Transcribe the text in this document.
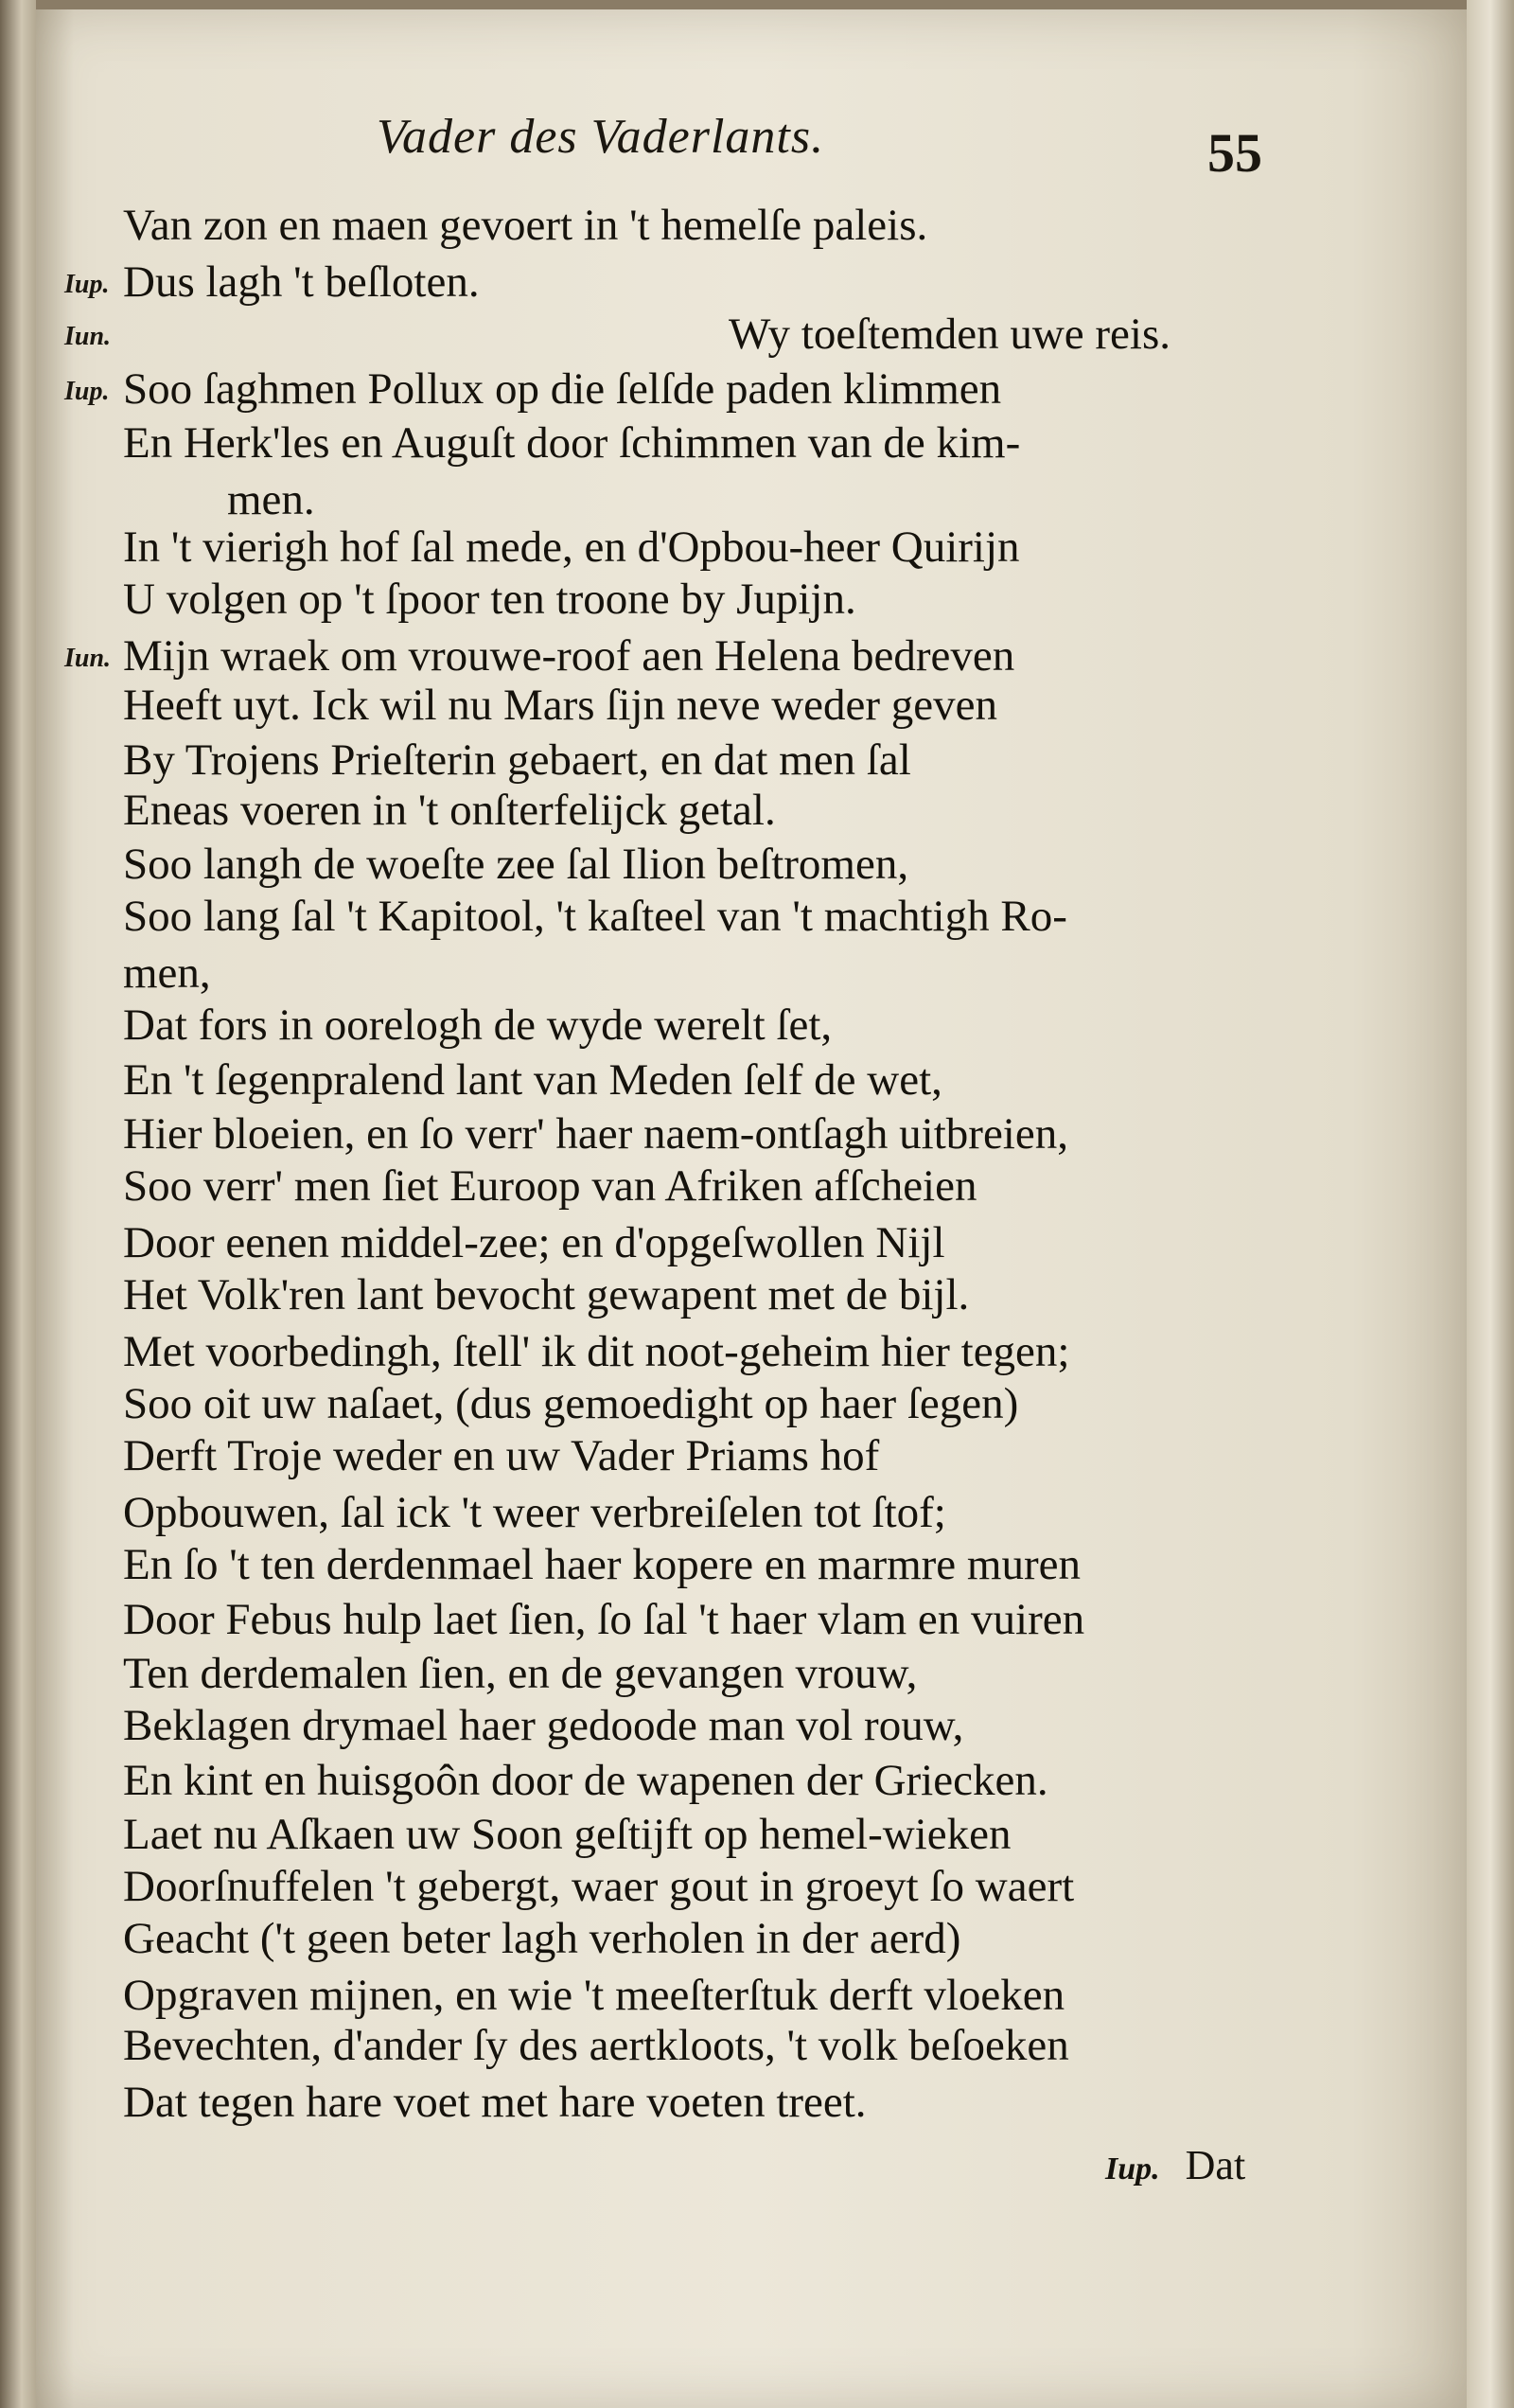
Vader des Vaderlants.	55
Van zon en maen gevoert in 't hemelſe paleis.
Dus lagh 't beſloten.
Iup.
Wy toeſtemden uwe reis.
Iun.
Soo ſaghmen Pollux op die ſelſde paden klimmen
Iup.
En Herk'les en Auguſt door ſchimmen van de kim-
men.
In 't vierigh hof ſal mede, en d'Opbou-heer Quirijn
U volgen op 't ſpoor ten troone by Jupijn.
Mijn wraek om vrouwe-roof aen Helena bedreven
Iun.
Heeft uyt. Ick wil nu Mars ſijn neve weder geven
By Trojens Prieſterin gebaert, en dat men ſal
Eneas voeren in 't onſterfelijck getal.
Soo langh de woeſte zee ſal Ilion beſtromen,
Soo lang ſal 't Kapitool, 't kaſteel van 't machtigh Ro-
men,
Dat fors in oorelogh de wyde werelt ſet,
En 't ſegenpralend lant van Meden ſelf de wet,
Hier bloeien, en ſo verr' haer naem-ontſagh uitbreien,
Soo verr' men ſiet Euroop van Afriken afſcheien
Door eenen middel-zee; en d'opgeſwollen Nijl
Het Volk'ren lant bevocht gewapent met de bijl.
Met voorbedingh, ſtell' ik dit noot-geheim hier tegen;
Soo oit uw naſaet, (dus gemoedight op haer ſegen)
Derft Troje weder en uw Vader Priams hof
Opbouwen, ſal ick 't weer verbreiſelen tot ſtof;
En ſo 't ten derdenmael haer kopere en marmre muren
Door Febus hulp laet ſien, ſo ſal 't haer vlam en vuiren
Ten derdemalen ſien, en de gevangen vrouw,
Beklagen drymael haer gedoode man vol rouw,
En kint en huisgoôn door de wapenen der Griecken.
Laet nu Aſkaen uw Soon geſtijft op hemel-wieken
Doorſnuffelen 't gebergt, waer gout in groeyt ſo waert
Geacht ('t geen beter lagh verholen in der aerd)
Opgraven mijnen, en wie 't meeſterſtuk derft vloeken
Bevechten, d'ander ſy des aertkloots, 't volk beſoeken
Dat tegen hare voet met hare voeten treet.
Iup. Dat
